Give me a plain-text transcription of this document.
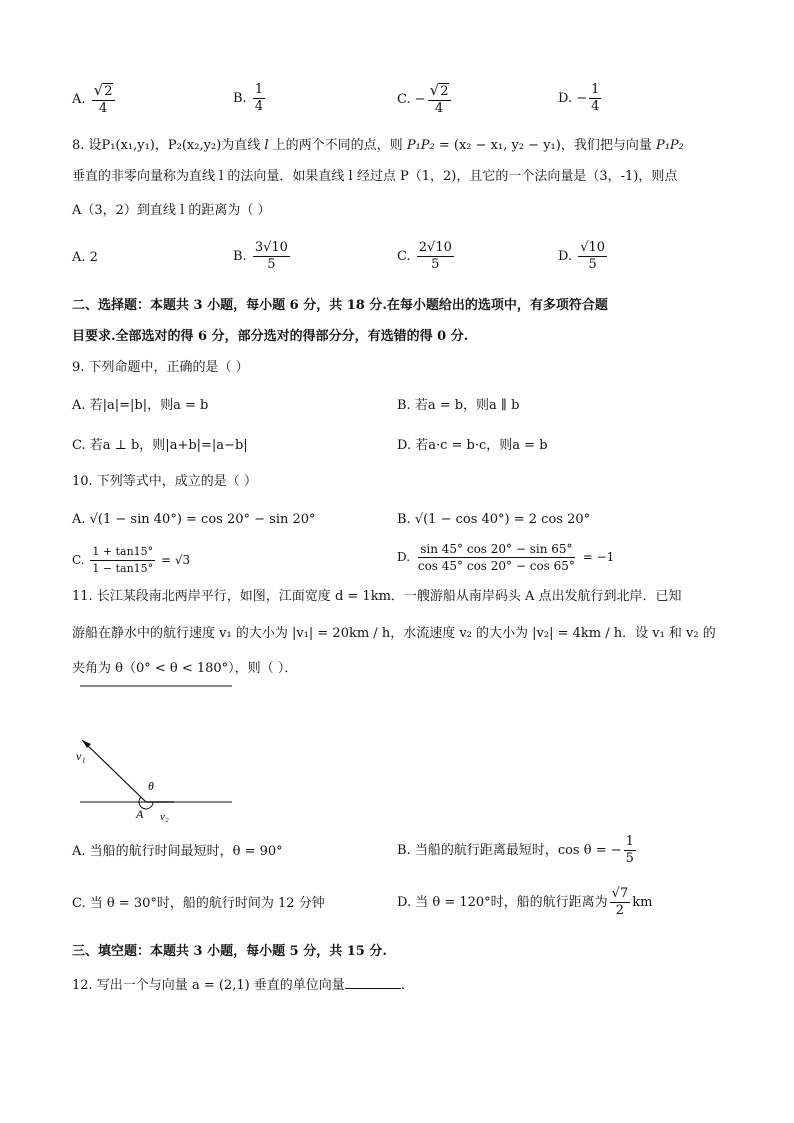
A. $\frac{√2}{4}$	B. $\frac{1}{4}$	C. − $\frac{√2}{4}$	D. − $\frac{1}{4}$
8. 设P₁(x₁,y₁)，P₂(x₂,y₂)为直线 l 上的两个不同的点，则 P₁P₂ = (x₂ − x₁, y₂ − y₁)，我们把与向量 P₁P₂
垂直的非零向量称为直线 l 的法向量．如果直线 l 经过点 P（1，2)，且它的一个法向量是（3，-1)，则点
A（3，2）到直线 l 的距离为（ ）
A. 2	B. $\frac{3√10}{5}$	C. $\frac{2√10}{5}$	D. $\frac{√10}{5}$
二、选择题：本题共 3 小题，每小题 6 分，共 18 分.在每小题给出的选项中，有多项符合题
目要求.全部选对的得 6 分，部分选对的得部分分，有选错的得 0 分.
9. 下列命题中，正确的是（ ）
A. 若|a|=|b|，则a = b	B. 若a = b，则a ∥ b
C. 若a ⊥ b，则|a+b|=|a−b|	D. 若a·c = b·c，则a = b
10. 下列等式中，成立的是（ ）
A. √(1 − sin 40°) = cos 20° − sin 20°	B. √(1 − cos 40°) = 2 cos 20°
C. $\frac{1 + \tan 15^\circ}{1 - \tan 15^\circ} = √3$	D. $\frac{\sin 45^\circ \cos 20^\circ - \sin 65^\circ}{\cos 45^\circ \cos 20^\circ - \cos 65^\circ} = -1$
11. 长江某段南北两岸平行，如图，江面宽度 d = 1km．一艘游船从南岸码头 A 点出发航行到北岸．已知
游船在静水中的航行速度 v₁ 的大小为 |v₁| = 20km / h，水流速度 v₂ 的大小为 |v₂| = 4km / h．设 v₁ 和 v₂ 的
夹角为 θ（0° < θ < 180°），则（ ）．
v₁
θ
A v₂
A. 当船的航行时间最短时，θ = 90°	B. 当船的航行距离最短时，cos θ = − $\frac{1}{5}$
C. 当 θ = 30°时，船的航行时间为 12 分钟	D. 当 θ = 120°时，船的航行距离为 $\frac{√7}{2}$ km
三、填空题：本题共 3 小题，每小题 5 分，共 15 分.
12. 写出一个与向量 a = (2,1) 垂直的单位向量	.
